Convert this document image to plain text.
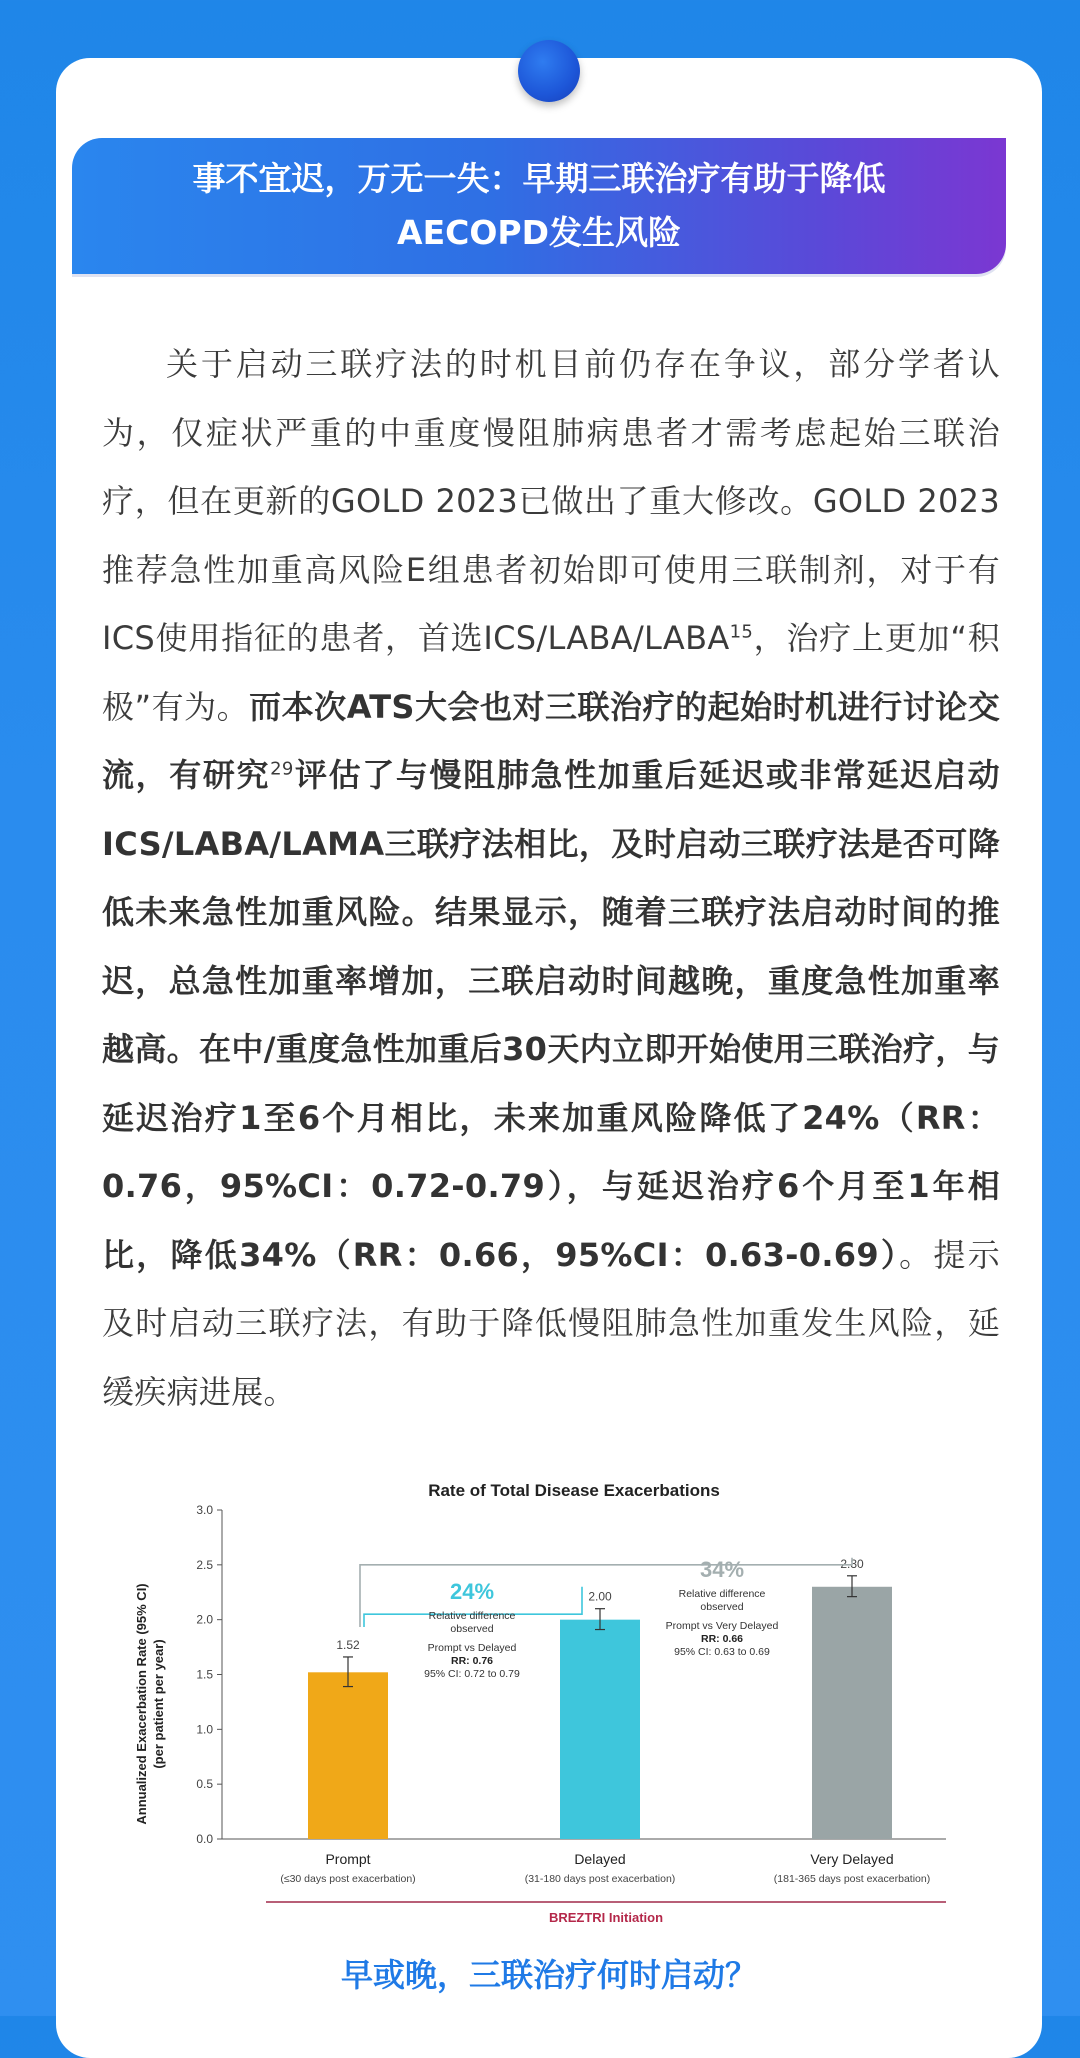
事不宜迟，万无一失：早期三联治疗有助于降低
AECOPD发生风险

关于启动三联疗法的时机目前仍存在争议，部分学者认为，仅症状严重的中重度慢阻肺病患者才需考虑起始三联治疗，但在更新的GOLD 2023已做出了重大修改。GOLD 2023推荐急性加重高风险E组患者初始即可使用三联制剂，对于有ICS使用指征的患者，首选ICS/LABA/LABA$^{15}$，治疗上更加“积极”有为。而本次ATS大会也对三联治疗的起始时机进行讨论交流，有研究$^{29}$评估了与慢阻肺急性加重后延迟或非常延迟启动ICS/LABA/LAMA三联疗法相比，及时启动三联疗法是否可降低未来急性加重风险。结果显示，随着三联疗法启动时间的推迟，总急性加重率增加，三联启动时间越晚，重度急性加重率越高。在中/重度急性加重后30天内立即开始使用三联治疗，与延迟治疗1至6个月相比，未来加重风险降低了24%（RR：0.76，95%CI：0.72-0.79），与延迟治疗6个月至1年相比，降低34%（RR：0.66，95%CI：0.63-0.69）。提示及时启动三联疗法，有助于降低慢阻肺急性加重发生风险，延缓疾病进展。

Rate of Total Disease Exacerbations
Annualized Exacerbation Rate (95% CI) (per patient per year)
0.0
0.5
1.0
1.5
2.0
2.5
3.0
1.52
2.00
2.30
24%
Relative difference
observed
Prompt vs Delayed
RR: 0.76
95% CI: 0.72 to 0.79
34%
Relative difference
observed
Prompt vs Very Delayed
RR: 0.66
95% CI: 0.63 to 0.69
Prompt
(≤30 days post exacerbation)
Delayed
(31-180 days post exacerbation)
Very Delayed
(181-365 days post exacerbation)
BREZTRI Initiation
早或晚，三联治疗何时启动？
